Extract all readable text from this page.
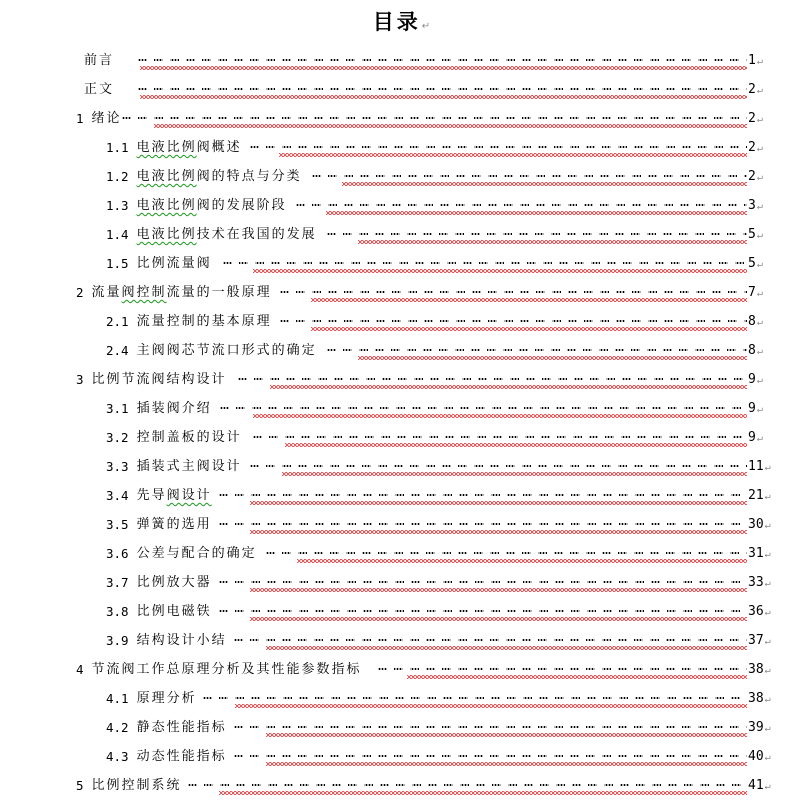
目录↵
前言	1↵
正文	2↵
1 绪论	2↵
1.1 电液比例阀概述	2↵
1.2 电液比例阀的特点与分类	2↵
1.3 电液比例阀的发展阶段	3↵
1.4 电液比例技术在我国的发展	5↵
1.5 比例流量阀	5↵
2 流量阀控制流量的一般原理	7↵
2.1 流量控制的基本原理	8↵
2.4 主阀阀芯节流口形式的确定	8↵
3 比例节流阀结构设计	9↵
3.1 插装阀介绍	9↵
3.2 控制盖板的设计	9↵
3.3 插装式主阀设计	11↵
3.4 先导阀设计	21↵
3.5 弹簧的选用	30↵
3.6 公差与配合的确定	31↵
3.7 比例放大器	33↵
3.8 比例电磁铁	36↵
3.9 结构设计小结	37↵
4 节流阀工作总原理分析及其性能参数指标	38↵
4.1 原理分析	38↵
4.2 静态性能指标	39↵
4.3 动态性能指标	40↵
5 比例控制系统	41↵
